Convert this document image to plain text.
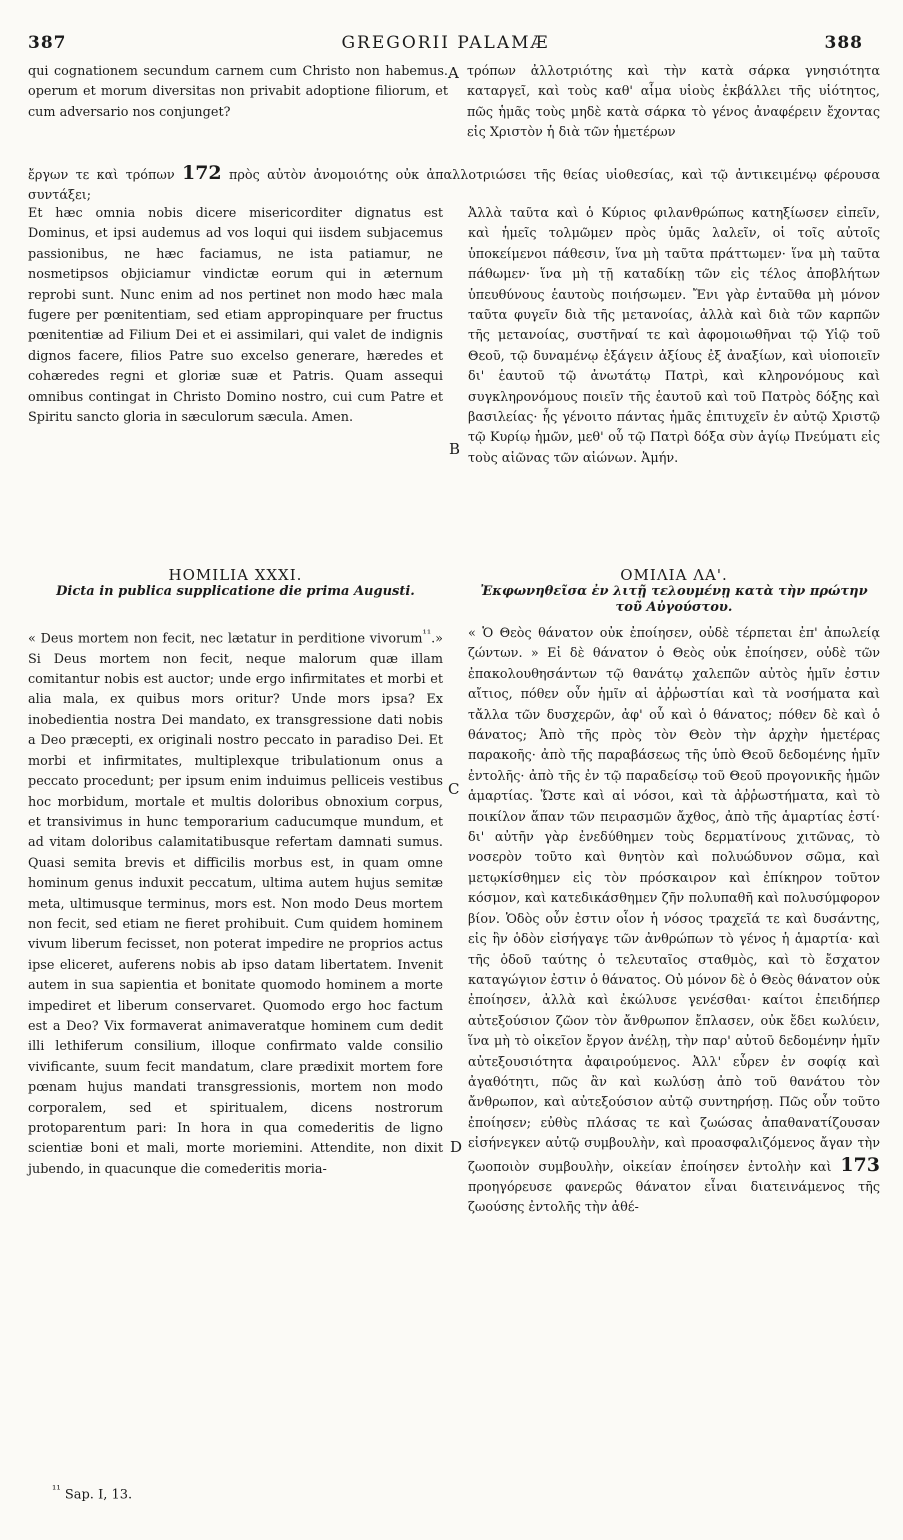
387	GREGORII PALAMÆ	388
A
B
C
D

qui cognationem secundum carnem cum Christo non habemus. operum et morum diversitas non privabit adoptione filiorum, et cum adversario nos conjunget?

τρόπων ἀλλοτριότης καὶ τὴν κατὰ σάρκα γνησιότητα καταργεῖ, καὶ τοὺς καθ' αἷμα υἱοὺς ἐκβάλλει τῆς υἱότητος, πῶς ἡμᾶς τοὺς μηδὲ κατὰ σάρκα τὸ γένος ἀναφέρειν ἔχοντας εἰς Χριστὸν ἡ διὰ τῶν ἡμετέρων

ἔργων τε καὶ τρόπων 172 πρὸς αὐτὸν ἀνομοιότης οὐκ ἀπαλλοτριώσει τῆς θείας υἱοθεσίας, καὶ τῷ ἀντικειμένῳ φέρουσα συντάξει;

Et hæc omnia nobis dicere misericorditer dignatus est Dominus, et ipsi audemus ad vos loqui qui iisdem subjacemus passionibus, ne hæc faciamus, ne ista patiamur, ne nosmetipsos objiciamur vindictæ eorum qui in æternum reprobi sunt. Nunc enim ad nos pertinet non modo hæc mala fugere per pœnitentiam, sed etiam appropinquare per fructus pœnitentiæ ad Filium Dei et ei assimilari, qui valet de indignis dignos facere, filios Patre suo excelso generare, hæredes et cohæredes regni et gloriæ suæ et Patris. Quam assequi omnibus contingat in Christo Domino nostro, cui cum Patre et Spiritu sancto gloria in sæculorum sæcula. Amen.

Ἀλλὰ ταῦτα καὶ ὁ Κύριος φιλανθρώπως κατηξίωσεν εἰπεῖν, καὶ ἡμεῖς τολμῶμεν πρὸς ὑμᾶς λαλεῖν, οἱ τοῖς αὐτοῖς ὑποκείμενοι πάθεσιν, ἵνα μὴ ταῦτα πράττωμεν· ἵνα μὴ ταῦτα πάθωμεν· ἵνα μὴ τῇ καταδίκῃ τῶν εἰς τέλος ἀποβλήτων ὑπευθύνους ἑαυτοὺς ποιήσωμεν. Ἔνι γὰρ ἐνταῦθα μὴ μόνον ταῦτα φυγεῖν διὰ τῆς μετανοίας, ἀλλὰ καὶ διὰ τῶν καρπῶν τῆς μετανοίας, συστῆναί τε καὶ ἀφομοιωθῆναι τῷ Υἱῷ τοῦ Θεοῦ, τῷ δυναμένῳ ἐξάγειν ἀξίους ἐξ ἀναξίων, καὶ υἱοποιεῖν δι' ἑαυτοῦ τῷ ἀνωτάτῳ Πατρὶ, καὶ κληρονόμους καὶ συγκληρονόμους ποιεῖν τῆς ἑαυτοῦ καὶ τοῦ Πατρὸς δόξης καὶ βασιλείας· ἧς γένοιτο πάντας ἡμᾶς ἐπιτυχεῖν ἐν αὐτῷ Χριστῷ τῷ Κυρίῳ ἡμῶν, μεθ' οὗ τῷ Πατρὶ δόξα σὺν ἁγίῳ Πνεύματι εἰς τοὺς αἰῶνας τῶν αἰώνων. Ἀμήν.

HOMILIA XXXI.
Dicta in publica supplicatione die prima Augusti.
ΟΜΙΛΙΑ ΛΑ'.
Ἐκφωνηθεῖσα ἐν λιτῇ τελουμένῃ κατὰ τὴν πρώτην τοῦ Αὐγούστου.

« Deus mortem non fecit, nec lætatur in perditione vivorum$^{^{11}}$.» Si Deus mortem non fecit, neque malorum quæ illam comitantur nobis est auctor; unde ergo infirmitates et morbi et alia mala, ex quibus mors oritur? Unde mors ipsa? Ex inobedientia nostra Dei mandato, ex transgressione dati nobis a Deo præcepti, ex originali nostro peccato in paradiso Dei. Et morbi et infirmitates, multiplexque tribulationum onus a peccato procedunt; per ipsum enim induimus pelliceis vestibus hoc morbidum, mortale et multis doloribus obnoxium corpus, et transivimus in hunc temporarium caducumque mundum, et ad vitam doloribus calamitatibusque refertam damnati sumus. Quasi semita brevis et difficilis morbus est, in quam omne hominum genus induxit peccatum, ultima autem hujus semitæ meta, ultimusque terminus, mors est. Non modo Deus mortem non fecit, sed etiam ne fieret prohibuit. Cum quidem hominem vivum liberum fecisset, non poterat impedire ne proprios actus ipse eliceret, auferens nobis ab ipso datam libertatem. Invenit autem in sua sapientia et bonitate quomodo hominem a morte impediret et liberum conservaret. Quomodo ergo hoc factum est a Deo? Vix formaverat animaveratque hominem cum dedit illi lethiferum consilium, illoque confirmato valde consilio vivificante, suum fecit mandatum, clare prædixit mortem fore pœnam hujus mandati transgressionis, mortem non modo corporalem, sed et spiritualem, dicens nostrorum protoparentum pari: In hora in qua comederitis de ligno scientiæ boni et mali, morte moriemini. Attendite, non dixit jubendo, in quacunque die comederitis moria-

« Ὁ Θεὸς θάνατον οὐκ ἐποίησεν, οὐδὲ τέρπεται ἐπ' ἀπωλείᾳ ζώντων. » Εἰ δὲ θάνατον ὁ Θεὸς οὐκ ἐποίησεν, οὐδὲ τῶν ἐπακολουθησάντων τῷ θανάτῳ χαλεπῶν αὐτὸς ἡμῖν ἐστιν αἴτιος, πόθεν οὖν ἡμῖν αἱ ἀῤῥωστίαι καὶ τὰ νοσήματα καὶ τἄλλα τῶν δυσχερῶν, ἀφ' οὗ καὶ ὁ θάνατος; πόθεν δὲ καὶ ὁ θάνατος; Ἀπὸ τῆς πρὸς τὸν Θεὸν τὴν ἀρχὴν ἡμετέρας παρακοῆς· ἀπὸ τῆς παραβάσεως τῆς ὑπὸ Θεοῦ δεδομένης ἡμῖν ἐντολῆς· ἀπὸ τῆς ἐν τῷ παραδείσῳ τοῦ Θεοῦ προγονικῆς ἡμῶν ἁμαρτίας. Ὥστε καὶ αἱ νόσοι, καὶ τὰ ἀῤῥωστήματα, καὶ τὸ ποικίλον ἅπαν τῶν πειρασμῶν ἄχθος, ἀπὸ τῆς ἁμαρτίας ἐστί· δι' αὐτῆν γὰρ ἐνεδύθημεν τοὺς δερματίνους χιτῶνας, τὸ νοσερὸν τοῦτο καὶ θνητὸν καὶ πολυώδυνον σῶμα, καὶ μετῳκίσθημεν εἰς τὸν πρόσκαιρον καὶ ἐπίκηρον τοῦτον κόσμον, καὶ κατεδικάσθημεν ζῆν πολυπαθῆ καὶ πολυσύμφορον βίον. Ὁδὸς οὖν ἐστιν οἷον ἡ νόσος τραχεῖά τε καὶ δυσάντης, εἰς ἣν ὁδὸν εἰσήγαγε τῶν ἀνθρώπων τὸ γένος ἡ ἁμαρτία· καὶ τῆς ὁδοῦ ταύτης ὁ τελευταῖος σταθμὸς, καὶ τὸ ἔσχατον καταγώγιον ἐστιν ὁ θάνατος. Οὐ μόνον δὲ ὁ Θεὸς θάνατον οὐκ ἐποίησεν, ἀλλὰ καὶ ἐκώλυσε γενέσθαι· καίτοι ἐπειδήπερ αὐτεξούσιον ζῶον τὸν ἄνθρωπον ἔπλασεν, οὐκ ἔδει κωλύειν, ἵνα μὴ τὸ οἰκεῖον ἔργον ἀνέλῃ, τὴν παρ' αὐτοῦ δεδομένην ἡμῖν αὐτεξουσιότητα ἀφαιρούμενος. Ἀλλ' εὗρεν ἐν σοφίᾳ καὶ ἀγαθότητι, πῶς ἂν καὶ κωλύσῃ ἀπὸ τοῦ θανάτου τὸν ἄνθρωπον, καὶ αὐτεξούσιον αὐτῷ συντηρήσῃ. Πῶς οὖν τοῦτο ἐποίησεν; εὐθὺς πλάσας τε καὶ ζωώσας ἀπαθανατίζουσαν εἰσήνεγκεν αὐτῷ συμβουλὴν, καὶ προασφαλιζόμενος ἄγαν τὴν ζωοποιὸν συμβουλὴν, οἰκείαν ἐποίησεν ἐντολὴν καὶ 173 προηγόρευσε φανερῶς θάνατον εἶναι διατεινάμενος τῆς ζωούσης ἐντολῆς τὴν ἀθέ-

$^{^{11}}$ Sap. I, 13.
